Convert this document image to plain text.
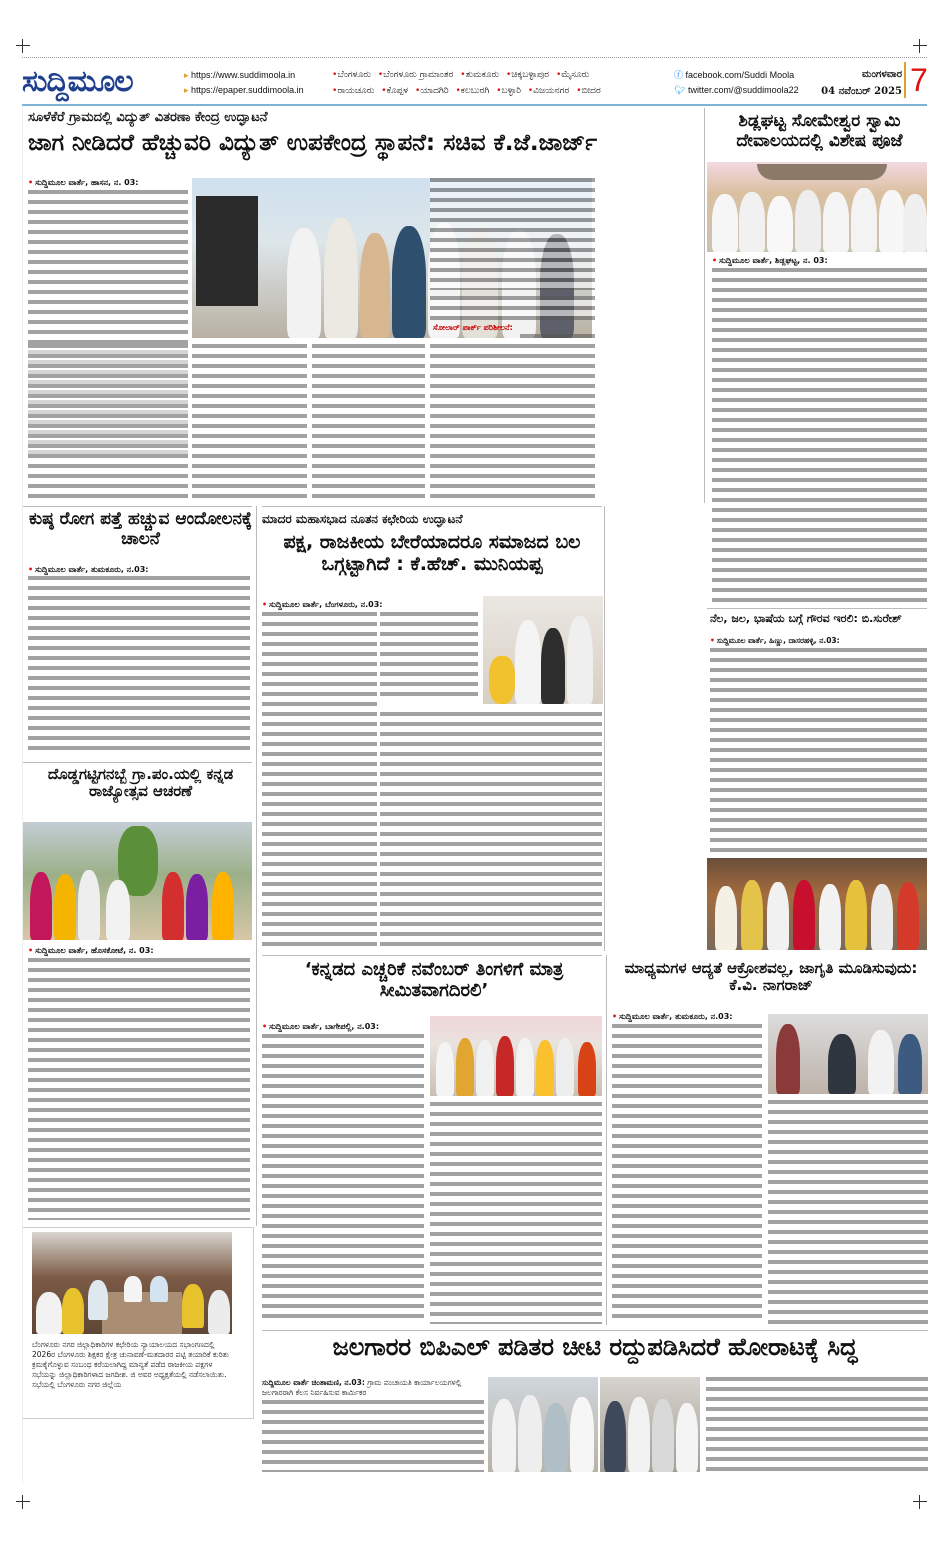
ಸುದ್ದಿಮೂಲ	▸ https://www.suddimoola.in
▸ https://epaper.suddimoola.in
• ಬೆಂಗಳೂರು • ಬೆಂಗಳೂರು ಗ್ರಾಮಾಂತರ • ತುಮಕೂರು • ಚಿಕ್ಕಬಳ್ಳಾಪುರ • ಮೈಸೂರು
• ರಾಯಚೂರು • ಕೊಪ್ಪಳ • ಯಾದಗಿರಿ • ಕಲಬುರಗಿ • ಬಳ್ಳಾರಿ • ವಿಜಯನಗರ • ಬೀದರ
ⓕ facebook.com/Suddi Moola
🐦︎ twitter.com/@suddimoola22
ಮಂಗಳವಾರ
04 ನವೆಂಬರ್ 2025 7
ಸೂಳೆಕೆರೆ ಗ್ರಾಮದಲ್ಲಿ ವಿದ್ಯುತ್ ವಿತರಣಾ ಕೇಂದ್ರ ಉದ್ಘಾಟನೆ
ಜಾಗ ನೀಡಿದರೆ ಹೆಚ್ಚುವರಿ ವಿದ್ಯುತ್ ಉಪಕೇಂದ್ರ ಸ್ಥಾಪನೆ: ಸಚಿವ ಕೆ.ಜೆ.ಜಾರ್ಜ್
• ಸುದ್ದಿಮೂಲ ವಾರ್ತೆ, ಹಾಸನ, ನ. 03:
ಸೋಲಾರ್ ಪಾರ್ಕ್ ಪರಿಶೀಲನೆ:
ಶಿಡ್ಲಘಟ್ಟ ಸೋಮೇಶ್ವರ ಸ್ವಾಮಿ ದೇವಾಲಯದಲ್ಲಿ ವಿಶೇಷ ಪೂಜೆ
• ಸುದ್ದಿಮೂಲ ವಾರ್ತೆ, ಶಿಡ್ಲಘಟ್ಟ, ನ. 03:
ನೆಲ, ಜಲ, ಭಾಷೆಯ ಬಗ್ಗೆ ಗೌರವ ಇರಲಿ: ಬಿ.ಸುರೇಶ್
• ಸುದ್ದಿಮೂಲ ವಾರ್ತೆ, ಹಿಣ್ಣು, ದಾಸರಹಳ್ಳಿ, ನ.03:
ಕುಷ್ಠ ರೋಗ ಪತ್ತೆ ಹಚ್ಚುವ ಆಂದೋಲನಕ್ಕೆ ಚಾಲನೆ
• ಸುದ್ದಿಮೂಲ ವಾರ್ತೆ, ತುಮಕೂರು, ನ.03:
ಮಾದರ ಮಹಾಸಭಾದ ನೂತನ ಕಛೇರಿಯ ಉದ್ಘಾಟನೆ
ಪಕ್ಷ, ರಾಜಕೀಯ ಬೇರೆಯಾದರೂ ಸಮಾಜದ ಬಲ ಒಗ್ಗಟ್ಟಾಗಿದೆ : ಕೆ.ಹೆಚ್. ಮುನಿಯಪ್ಪ
• ಸುದ್ದಿಮೂಲ ವಾರ್ತೆ, ಬೆಂಗಳೂರು, ನ.03:
ದೊಡ್ಡಗಟ್ಟಿಗನಬ್ಬೆ ಗ್ರಾ.ಪಂ.ಯಲ್ಲಿ ಕನ್ನಡ ರಾಜ್ಯೋತ್ಸವ ಆಚರಣೆ
• ಸುದ್ದಿಮೂಲ ವಾರ್ತೆ, ಹೊಸಕೋಟೆ, ನ. 03:
‘ಕನ್ನಡದ ಎಚ್ಚರಿಕೆ ನವೆಂಬರ್ ತಿಂಗಳಿಗೆ ಮಾತ್ರ ಸೀಮಿತವಾಗದಿರಲಿ’
• ಸುದ್ದಿಮೂಲ ವಾರ್ತೆ, ಬಾಗೇಪಲ್ಲಿ, ನ.03:
ಮಾಧ್ಯಮಗಳ ಆದ್ಯತೆ ಆಕ್ರೋಶವಲ್ಲ, ಜಾಗೃತಿ ಮೂಡಿಸುವುದು: ಕೆ.ವಿ. ನಾಗರಾಜ್
• ಸುದ್ದಿಮೂಲ ವಾರ್ತೆ, ತುಮಕೂರು, ನ.03:
ಬೆಂಗಳೂರು ನಗರ ಜಿಲ್ಲಾಧಿಕಾರಿಗಳ ಕಛೇರಿಯ ನ್ಯಾಯಾಲಯದ ಸಭಾಂಗಣದಲ್ಲಿ 2026ರ ಬೆಂಗಳೂರು ಶಿಕ್ಷಕರ ಕ್ಷೇತ್ರ ಚುನಾವಣೆ-ಮತದಾರರ ಪಟ್ಟಿ ತಯಾರಿಕೆ ಕುರಿತು ಕ್ರಮಕೈಗೊಳ್ಳುವ ಸಂಬಂಧ ಕರೆಯಲಾಗಿದ್ದ ಮಾನ್ಯತೆ ಪಡೆದ ರಾಜಕೀಯ ಪಕ್ಷಗಳ ಸಭೆಯನ್ನು ಜಿಲ್ಲಾಧಿಕಾರಿಗಳಾದ ಜಗದೀಶ. ಜಿ ಅವರ ಅಧ್ಯಕ್ಷತೆಯಲ್ಲಿ ನಡೆಸಲಾಯಿತು. ಸಭೆಯಲ್ಲಿ ಬೆಂಗಳೂರು ನಗರ ಜಿಲ್ಲೆಯ
ಜಲಗಾರರ ಬಿಪಿಎಲ್ ಪಡಿತರ ಚೀಟಿ ರದ್ದುಪಡಿಸಿದರೆ ಹೋರಾಟಕ್ಕೆ ಸಿದ್ಧ
ಸುದ್ದಿಮೂಲ ವಾರ್ತೆ ಚಿಂತಾಮಣಿ, ನ.03: ಗ್ರಾಮ ಪಂಚಾಯತಿ ಕಾರ್ಯಾಲಯಗಳಲ್ಲಿ ಜಲಗಾರರಾಗಿ ಕೆಲಸ ನಿರ್ವಹಿಸುವ ಕಾರ್ಮಿಕರ
